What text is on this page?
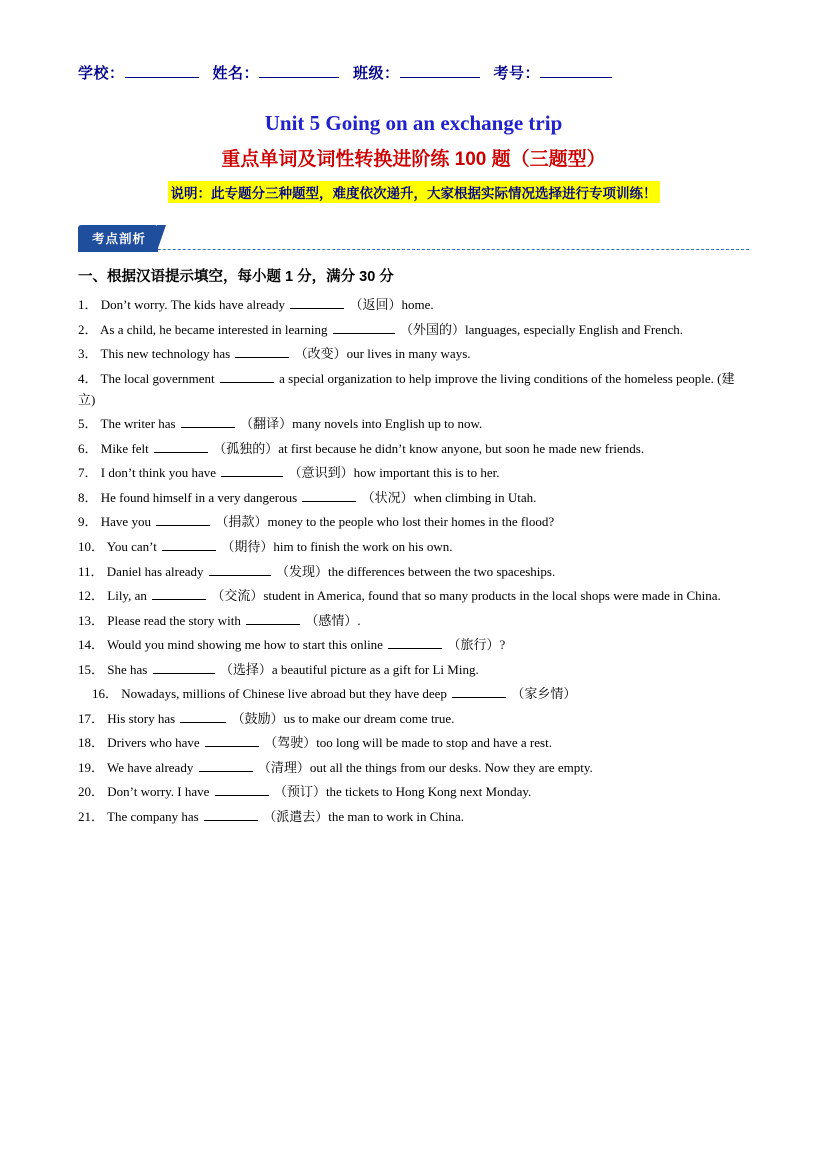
学校：	姓名：	班级：	考号：
Unit 5 Going on an exchange trip
重点单词及词性转换进阶练 100 题（三题型）
说明：此专题分三种题型，难度依次递升，大家根据实际情况选择进行专项训练！
考点剖析
一、根据汉语提示填空，每小题 1 分，满分 30 分
1． Don’t worry. The kids have already	（返回）home.
2． As a child, he became interested in learning	（外国的）languages, especially English and French.
3． This new technology has	（改变）our lives in many ways.
4． The local government	a special organization to help improve the living conditions of the homeless people. (建立)
5． The writer has	（翻译）many novels into English up to now.
6． Mike felt	（孤独的）at first because he didn’t know anyone, but soon he made new friends.
7． I don’t think you have	（意识到）how important this is to her.
8． He found himself in a very dangerous	（状况）when climbing in Utah.
9． Have you	（捐款）money to the people who lost their homes in the flood?
10． You can’t	（期待）him to finish the work on his own.
11． Daniel has already	（发现）the differences between the two spaceships.
12． Lily, an	（交流）student in America, found that so many products in the local shops were made in China.
13． Please read the story with	（感情）.
14． Would you mind showing me how to start this online	（旅行）?
15． She has	（选择）a beautiful picture as a gift for Li Ming.
16． Nowadays, millions of Chinese live abroad but they have deep	（家乡情）
17． His story has	（鼓励）us to make our dream come true.
18． Drivers who have	（驾驶）too long will be made to stop and have a rest.
19． We have already	（清理）out all the things from our desks. Now they are empty.
20． Don’t worry. I have	（预订）the tickets to Hong Kong next Monday.
21． The company has	（派遣去）the man to work in China.
